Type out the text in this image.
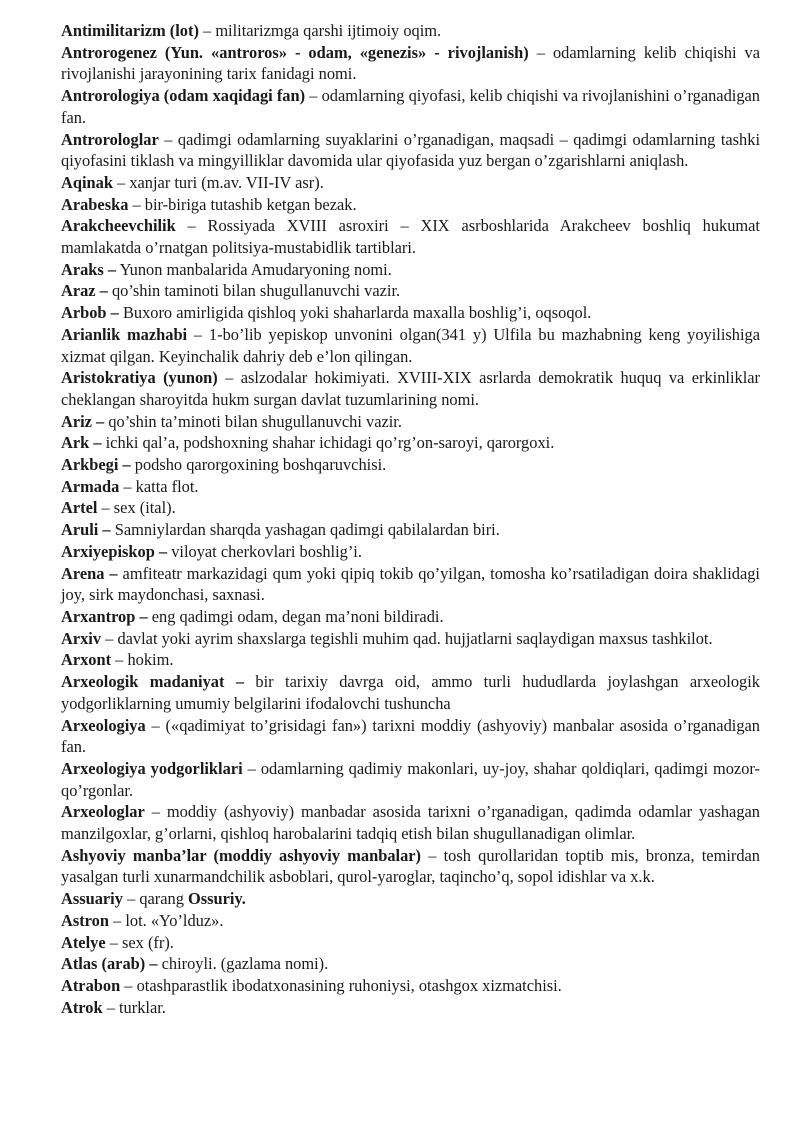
Antimilitarizm (lot) – militarizmga qarshi ijtimoiy oqim.

Antrorogenez (Yun. «antroros» - odam, «genezis» - rivojlanish) – odamlarning kelib chiqishi va rivojlanishi jarayonining tarix fanidagi nomi.

Antrorologiya (odam xaqidagi fan) – odamlarning qiyofasi, kelib chiqishi va rivojlanishini o’rganadigan fan.

Antrorologlar – qadimgi odamlarning suyaklarini o’rganadigan, maqsadi – qadimgi odamlarning tashki qiyofasini tiklash va mingyilliklar davomida ular qiyofasida yuz bergan o’zgarishlarni aniqlash.

Aqinak – xanjar turi (m.av. VII-IV asr).

Arabeska – bir-biriga tutashib ketgan bezak.

Arakcheevchilik – Rossiyada XVIII asroxiri – XIX asrboshlarida Arakcheev boshliq hukumat mamlakatda o’rnatgan politsiya-mustabidlik tartiblari.

Araks – Yunon manbalarida Amudaryoning nomi.

Araz – qo’shin taminoti bilan shugullanuvchi vazir.

Arbob – Buxoro amirligida qishloq yoki shaharlarda maxalla boshlig’i, oqsoqol.

Arianlik mazhabi – 1-bo’lib yepiskop unvonini olgan(341 y) Ulfila bu mazhabning keng yoyilishiga xizmat qilgan. Keyinchalik dahriy deb e’lon qilingan.

Aristokratiya (yunon) – aslzodalar hokimiyati. XVIII-XIX asrlarda demokratik huquq va erkinliklar cheklangan sharoyitda hukm surgan davlat tuzumlarining nomi.

Ariz – qo’shin ta’minoti bilan shugullanuvchi vazir.

Ark – ichki qal’a, podshoxning shahar ichidagi qo’rg’on-saroyi, qarorgoxi.

Arkbegi – podsho qarorgoxining boshqaruvchisi.

Armada – katta flot.

Artel – sex (ital).

Aruli – Samniylardan sharqda yashagan qadimgi qabilalardan biri.

Arxiyepiskop – viloyat cherkovlari boshlig’i.

Arena – amfiteatr markazidagi qum yoki qipiq tokib qo’yilgan, tomosha ko’rsatiladigan doira shaklidagi joy, sirk maydonchasi, saxnasi.

Arxantrop – eng qadimgi odam, degan ma’noni bildiradi.

Arxiv – davlat yoki ayrim shaxslarga tegishli muhim qad. hujjatlarni saqlaydigan maxsus tashkilot.

Arxont – hokim.

Arxeologik madaniyat – bir tarixiy davrga oid, ammo turli hududlarda joylashgan arxeologik yodgorliklarning umumiy belgilarini ifodalovchi tushuncha

Arxeologiya – («qadimiyat to’grisidagi fan») tarixni moddiy (ashyoviy) manbalar asosida o’rganadigan fan.

Arxeologiya yodgorliklari – odamlarning qadimiy makonlari, uy-joy, shahar qoldiqlari, qadimgi mozor-qo’rgonlar.

Arxeologlar – moddiy (ashyoviy) manbadar asosida tarixni o’rganadigan, qadimda odamlar yashagan manzilgoxlar, g’orlarni, qishloq harobalarini tadqiq etish bilan shugullanadigan olimlar.

Ashyoviy manba’lar (moddiy ashyoviy manbalar) – tosh qurollaridan toptib mis, bronza, temirdan yasalgan turli xunarmandchilik asboblari, qurol-yaroglar, taqincho’q, sopol idishlar va x.k.

Assuariy – qarang Ossuriy.

Astron – lot. «Yo’lduz».

Atelye – sex (fr).

Atlas (arab) – chiroyli. (gazlama nomi).

Atrabon – otashparastlik ibodatxonasining ruhoniysi, otashgox xizmatchisi.

Atrok – turklar.
